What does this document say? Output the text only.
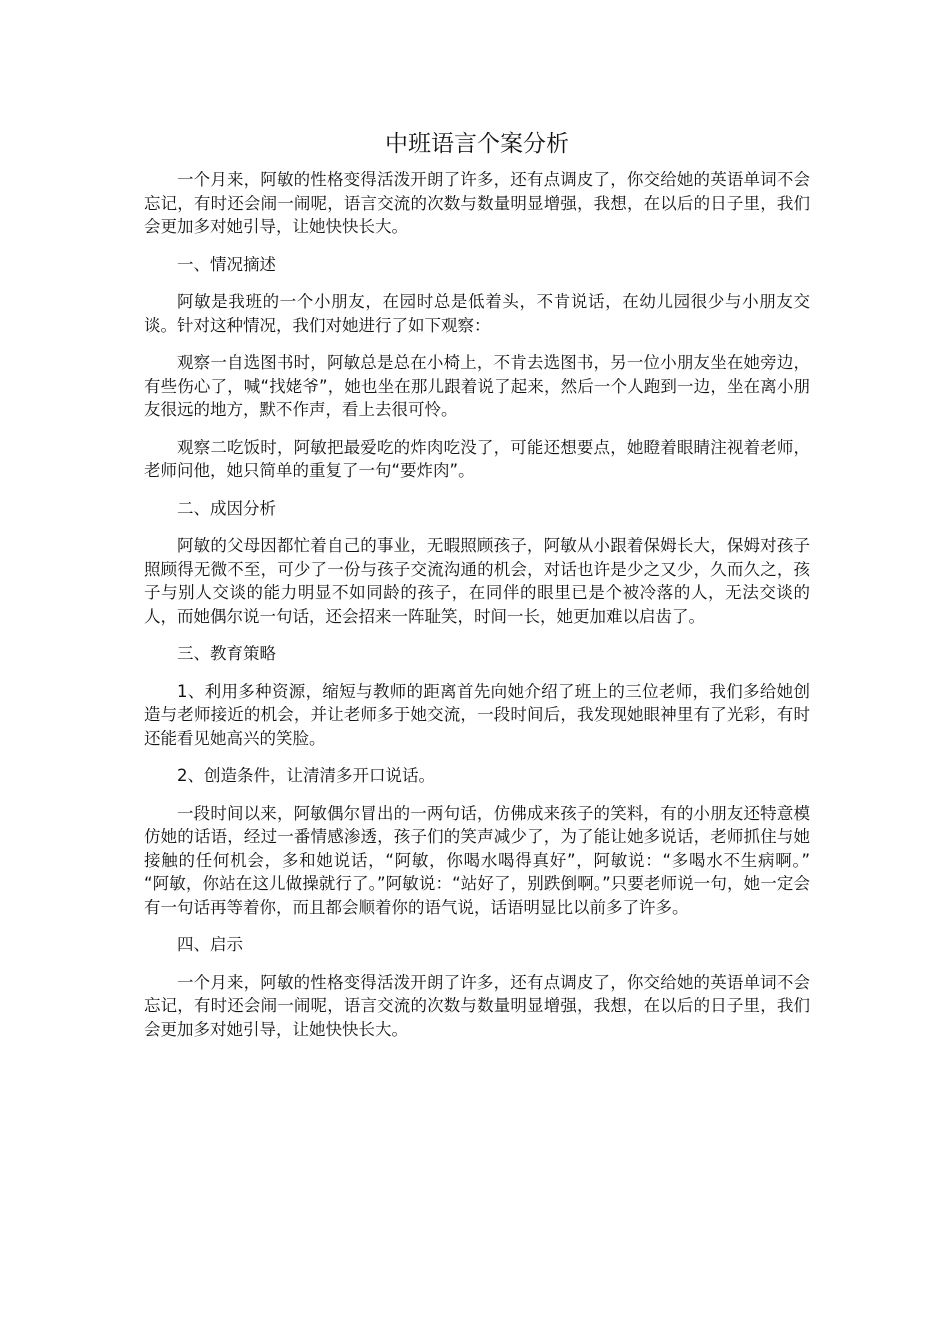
中班语言个案分析

一个月来，阿敏的性格变得活泼开朗了许多，还有点调皮了，你交给她的英语单词不会忘记，有时还会闹一闹呢，语言交流的次数与数量明显增强，我想，在以后的日子里，我们会更加多对她引导，让她快快长大。

一、情况摘述

阿敏是我班的一个小朋友，在园时总是低着头，不肯说话，在幼儿园很少与小朋友交谈。针对这种情况，我们对她进行了如下观察：

观察一自选图书时，阿敏总是总在小椅上，不肯去选图书，另一位小朋友坐在她旁边，有些伤心了，喊“找姥爷”，她也坐在那儿跟着说了起来，然后一个人跑到一边，坐在离小朋友很远的地方，默不作声，看上去很可怜。

观察二吃饭时，阿敏把最爱吃的炸肉吃没了，可能还想要点，她瞪着眼睛注视着老师，老师问他，她只简单的重复了一句“要炸肉”。

二、成因分析

阿敏的父母因都忙着自己的事业，无暇照顾孩子，阿敏从小跟着保姆长大，保姆对孩子照顾得无微不至，可少了一份与孩子交流沟通的机会，对话也许是少之又少，久而久之，孩子与别人交谈的能力明显不如同龄的孩子，在同伴的眼里已是个被冷落的人，无法交谈的人，而她偶尔说一句话，还会招来一阵耻笑，时间一长，她更加难以启齿了。

三、教育策略

1、利用多种资源，缩短与教师的距离首先向她介绍了班上的三位老师，我们多给她创造与老师接近的机会，并让老师多于她交流，一段时间后，我发现她眼神里有了光彩，有时还能看见她高兴的笑脸。

2、创造条件，让清清多开口说话。

一段时间以来，阿敏偶尔冒出的一两句话，仿佛成来孩子的笑料，有的小朋友还特意模仿她的话语，经过一番情感渗透，孩子们的笑声减少了，为了能让她多说话，老师抓住与她接触的任何机会，多和她说话，“阿敏，你喝水喝得真好”，阿敏说：“多喝水不生病啊。” “阿敏，你站在这儿做操就行了。”阿敏说：“站好了，别跌倒啊。”只要老师说一句，她一定会有一句话再等着你，而且都会顺着你的语气说，话语明显比以前多了许多。

四、启示

一个月来，阿敏的性格变得活泼开朗了许多，还有点调皮了，你交给她的英语单词不会忘记，有时还会闹一闹呢，语言交流的次数与数量明显增强，我想，在以后的日子里，我们会更加多对她引导，让她快快长大。
